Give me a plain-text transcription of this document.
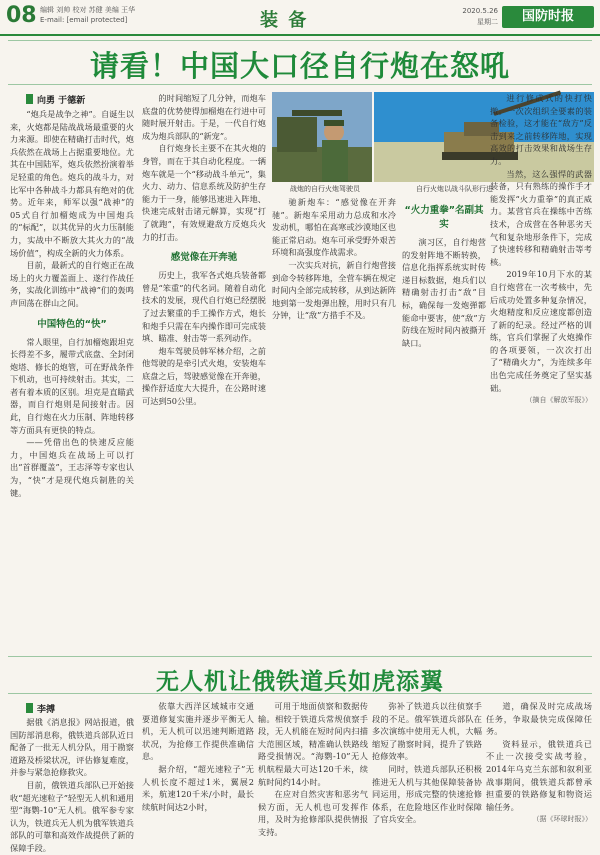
08 编辑 刘帅 校对 苏健 美编 王华
E-mail: [email protected]	装 备	2020.5.26
星期二	国防时报
请看！中国大口径自行炮在怒吼
向勇 于德新

“炮兵是战争之神”。自诞生以来，火炮都是陆战战场最重要的火力来源。即使在精确打击时代，炮兵依然在战场上占据重要地位。尤其在中国陆军，炮兵依然扮演着举足轻重的角色。炮兵的战斗力，对比军中各种战斗力都具有绝对的优势。近年来，师军以强“战神”的05式自行加榴炮成为中国炮兵的“标配”，以其优异的火力压制能力，实战中不断放大其火力的“战场价值”，构成全新的火力体系。

目前，最新式的自行炮正在战场上的火力覆盖面上、遂行作战任务，实战化训练中“战神”们的轰鸣声回荡在群山之间。

中国特色的“快”

常人眼里，自行加榴炮跟坦克长得差不多，履带式底盘、全封闭炮塔、修长的炮管，可在野战条件下机动，也可持续射击。其实，二者有着本质的区别。坦克是直瞄武器，而自行炮则是间接射击。因此，自行炮在火力压制、阵地转移等方面具有更快的特点。

——凭借出色的快速反应能力，中国炮兵在战场上可以打出“首群覆盖”，王志泽等专家也认为，“快”才是现代炮兵制胜的关键。

的时间缩短了几分钟，而炮车底盘的优势使得加榴炮在行进中可随时展开射击。于是，一代自行炮成为炮兵部队的“新宠”。

自行炮身长主要不在其火炮的身管，而在于其自动化程度。一辆炮车就是一个“移动战斗单元”，集火力、动力、信息系统及防护生存能力于一身，能够迅速进入阵地、快速完成射击诸元解算，实现“打了就跑”，有效规避敌方反炮兵火力的打击。

感觉像在开奔驰

历史上，我军各式炮兵装备都曾是“笨重”的代名词。随着自动化技术的发展，现代自行炮已经摆脱了过去繁重的手工操作方式，炮长和炮手只需在车内操作即可完成装填、瞄准、射击等一系列动作。

炮车驾驶员韩军林介绍，之前他驾驶的是牵引式火炮，安装炮车底盘之后，驾驶感觉像在开奔驰，操作舒适度大大提升，在公路时速可达到50公里。

战炮的自行火炮驾驶员	自行火炮以战斗队形行进

驰新炮车：“感觉像在开奔驰”。新炮车采用动力总成和水冷发动机，哪怕在高寒或沙漠地区也能正常启动。炮车可承受野外艰苦环境和高强度作战需求。

一次实兵对抗，新自行炮营接到命令转移阵地，全营车辆在规定时间内全部完成转移，从到达新阵地到第一发炮弹出膛，用时只有几分钟，让“敌”方措手不及。

“火力重拳”名副其实

演习区，自行炮营的发射阵地不断转换，信息化指挥系统实时传递目标数据，炮兵们以精确射击打击“敌”目标，确保每一发炮弹都能命中要害，使“敌”方防线在短时间内被撕开缺口。

进行修成式的快打快撤。一次次组织全要素的装备检验，这才能在“敌方”反击到来之前转移阵地，实现高效的打击效果和战场生存力。

当然，这么强悍的武器装备，只有熟练的操作手才能发挥“火力重拳”的真正威力。某营官兵在操练中苦练技术，合成营在各种恶劣天气和复杂地形条件下，完成了快速转移和精确射击等考核。

2019年10月下水的某自行炮营在一次考核中，先后成功处置多种复杂情况，火炮精度和反应速度都创造了新的纪录。经过严格的训练，官兵们掌握了火炮操作的各项要领，一次次打出了“精确火力”，为连续多年出色完成任务奠定了坚实基础。

（摘自《解放军报》）

无人机让俄铁道兵如虎添翼
李搏

据俄《消息报》网站报道，俄国防部消息称，俄铁道兵部队近日配备了一批无人机分队，用于勘察道路及桥梁状况，评估修复难度，并参与紧急抢修救灾。

目前，俄铁道兵部队已开始接收“超光速粒子”轻型无人机和通用型“海鹦-10”无人机。俄军参专家认为，铁道兵无人机为俄军铁道兵部队的可靠和高效作战提供了新的保障手段。

依靠大西洋区域城市交通要道修复实施并逐步平衡无人机，无人机可以迅速判断道路状况，为抢修工作提供准确信息。

据介绍，“超光速粒子”无人机长度不超过1米，翼展2米，航速120千米/小时，最长续航时间达2小时，

可用于地面侦察和数据传输。相较于铁道兵常规侦察手段，无人机能在短时间内扫描大范围区域，精准确认铁路线路受损情况。“海鹦-10”无人机航程最大可达120千米，续航时间约14小时。

在应对自然灾害和恶劣气候方面，无人机也可发挥作用，及时为抢修部队提供情报支持。

弥补了铁道兵以往侦察手段的不足。俄军铁道兵部队在多次演练中使用无人机，大幅缩短了勘察时间，提升了铁路抢修效率。

同时，铁道兵部队还积极推进无人机与其他保障装备协同运用，形成完整的快速抢修体系，在危险地区作业时保障了官兵安全。

道，确保及时完成战场任务，争取最快完成保障任务。

资料显示，俄铁道兵已不止一次接受实战考验，2014年乌克兰东部和叙利亚战事期间，俄铁道兵都曾承担重要的铁路修复和物资运输任务。

（据《环球时报》）
